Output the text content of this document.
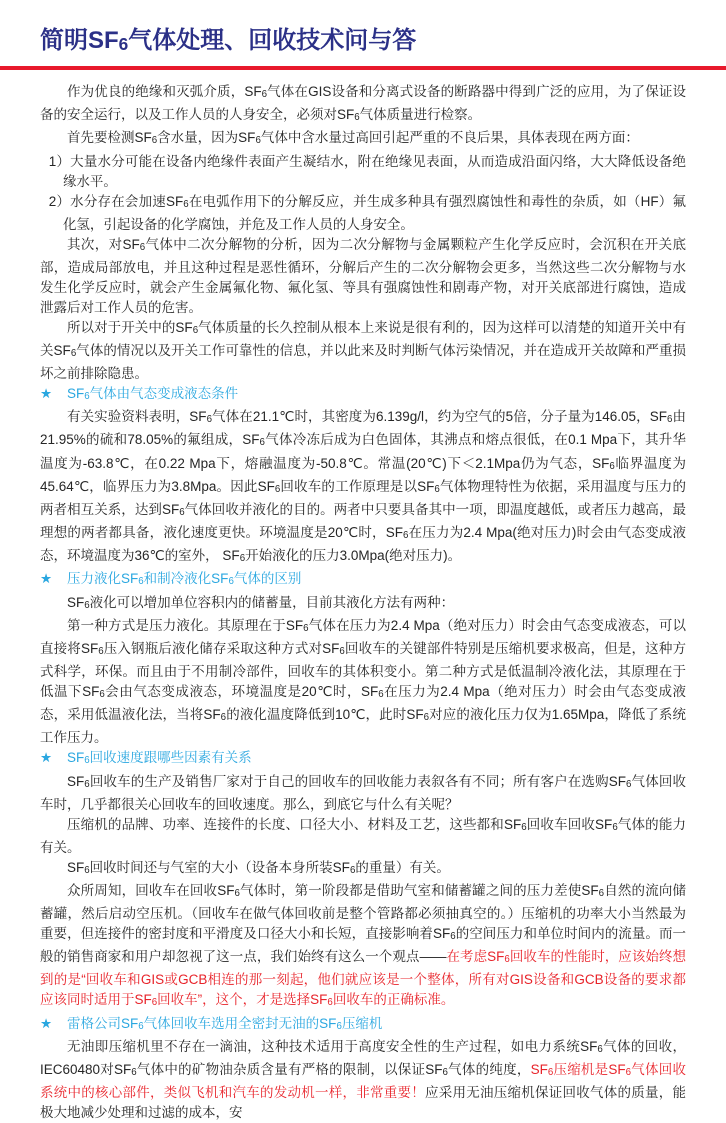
简明$SF_6$气体处理、回收技术问与答

作为优良的绝缘和灭弧介质，$SF_6$气体在GIS设备和分离式设备的断路器中得到广泛的应用，为了保证设备的安全运行，以及工作人员的人身安全，必须对$SF_6$气体质量进行检察。

首先要检测$SF_6$含水量，因为$SF_6$气体中含水量过高回引起严重的不良后果，具体表现在两方面：

1）大量水分可能在设备内绝缘件表面产生凝结水，附在绝缘见表面，从而造成沿面闪络，大大降低设备绝缘水平。

2）水分存在会加速$SF_6$在电弧作用下的分解反应，并生成多种具有强烈腐蚀性和毒性的杂质，如（HF）氟化氢，引起设备的化学腐蚀，并危及工作人员的人身安全。

其次，对$SF_6$气体中二次分解物的分析，因为二次分解物与金属颗粒产生化学反应时，会沉积在开关底部，造成局部放电，并且这种过程是恶性循环，分解后产生的二次分解物会更多，当然这些二次分解物与水发生化学反应时，就会产生金属氟化物、氟化氢、等具有强腐蚀性和剧毒产物，对开关底部进行腐蚀，造成泄露后对工作人员的危害。

所以对于开关中的$SF_6$气体质量的长久控制从根本上来说是很有利的，因为这样可以清楚的知道开关中有关$SF_6$气体的情况以及开关工作可靠性的信息，并以此来及时判断气体污染情况，并在造成开关故障和严重损坏之前排除隐患。

★ $SF_6$气体由气态变成液态条件

有关实验资料表明，$SF_6$气体在21.1℃时，其密度为6.139g/l，约为空气的5倍，分子量为146.05，$SF_6$由21.95%的硫和78.05%的氟组成，$SF_6$气体冷冻后成为白色固体，其沸点和熔点很低，在0.1 Mpa下，其升华温度为-63.8℃，在0.22 Mpa下，熔融温度为-50.8℃。常温(20℃)下＜2.1Mpa仍为气态，$SF_6$临界温度为45.64℃，临界压力为3.8Mpa。因此$SF_6$回收车的工作原理是以$SF_6$气体物理特性为依据，采用温度与压力的两者相互关系，达到$SF_6$气体回收并液化的目的。两者中只要具备其中一项，即温度越低，或者压力越高，最理想的两者都具备，液化速度更快。环境温度是20℃时，$SF_6$在压力为2.4 Mpa(绝对压力)时会由气态变成液态，环境温度为36℃的室外， $SF_6$开始液化的压力3.0Mpa(绝对压力)。

★ 压力液化$SF_6$和制冷液化$SF_6$气体的区别

$SF_6$液化可以增加单位容积内的储蓄量，目前其液化方法有两种：

第一种方式是压力液化。其原理在于$SF_6$气体在压力为2.4 Mpa（绝对压力）时会由气态变成液态，可以直接将$SF_6$压入钢瓶后液化储存采取这种方式对$SF_6$回收车的关键部件特别是压缩机要求极高，但是，这种方式科学，环保。而且由于不用制冷部件，回收车的其体积变小。第二种方式是低温制冷液化法，其原理在于低温下$SF_6$会由气态变成液态，环境温度是20℃时，$SF_6$在压力为2.4 Mpa（绝对压力）时会由气态变成液态，采用低温液化法，当将$SF_6$的液化温度降低到10℃，此时$SF_6$对应的液化压力仅为1.65Mpa，降低了系统工作压力。

★ $SF_6$回收速度跟哪些因素有关系

$SF_6$回收车的生产及销售厂家对于自己的回收车的回收能力表叙各有不同；所有客户在选购$SF_6$气体回收车时，几乎都很关心回收车的回收速度。那么，到底它与什么有关呢？

压缩机的品牌、功率、连接件的长度、口径大小、材料及工艺，这些都和$SF_6$回收车回收$SF_6$气体的能力有关。

$SF_6$回收时间还与气室的大小（设备本身所装$SF_6$的重量）有关。

众所周知，回收车在回收$SF_6$气体时，第一阶段都是借助气室和储蓄罐之间的压力差使$SF_6$自然的流向储蓄罐，然后启动空压机。（回收车在做气体回收前是整个管路都必须抽真空的。）压缩机的功率大小当然最为重要，但连接件的密封度和平滑度及口径大小和长短，直接影响着$SF_6$的空间压力和单位时间内的流量。而一般的销售商家和用户却忽视了这一点，我们始终有这么一个观点——在考虑$SF_6$回收车的性能时，应该始终想到的是“回收车和GIS或GCB相连的那一刻起，他们就应该是一个整体，所有对GIS设备和GCB设备的要求都应该同时适用于$SF_6$回收车”，这个，才是选择$SF_6$回收车的正确标准。

★ 雷格公司$SF_6$气体回收车选用全密封无油的$SF_6$压缩机

无油即压缩机里不存在一滴油，这种技术适用于高度安全性的生产过程，如电力系统$SF_6$气体的回收，IEC60480对$SF_6$气体中的矿物油杂质含量有严格的限制，以保证$SF_6$气体的纯度，$SF_6$压缩机是$SF_6$气体回收系统中的核心部件，类似飞机和汽车的发动机一样，非常重要！应采用无油压缩机保证回收气体的质量，能极大地减少处理和过滤的成本，安
